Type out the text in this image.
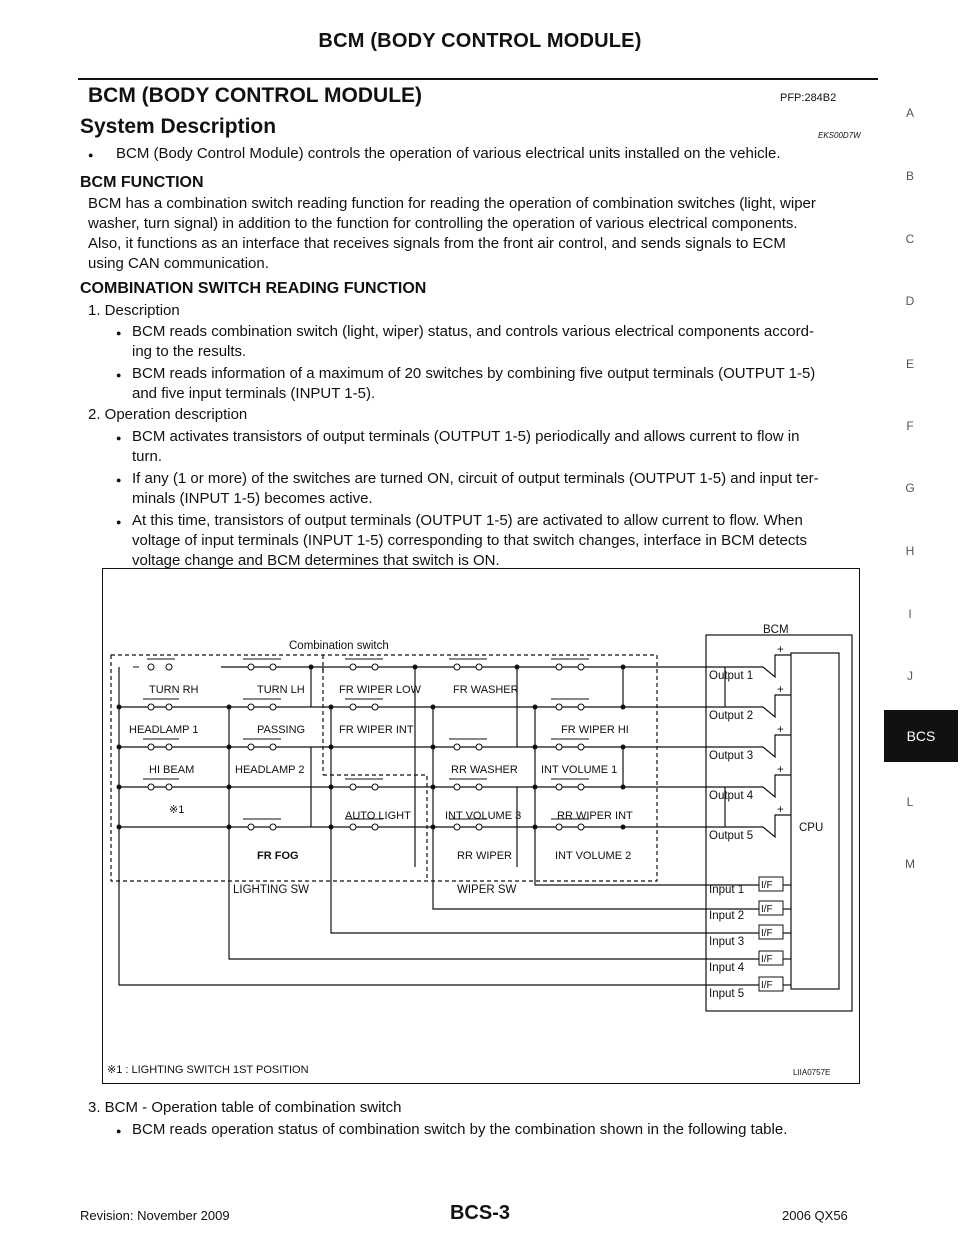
BCM (BODY CONTROL MODULE)
BCM (BODY CONTROL MODULE)	PFP:284B2
System Description	EKS00D7W
● BCM (Body Control Module) controls the operation of various electrical units installed on the vehicle.
BCM FUNCTION
BCM has a combination switch reading function for reading the operation of combination switches (light, wiper
washer, turn signal) in addition to the function for controlling the operation of various electrical components.
Also, it functions as an interface that receives signals from the front air control, and sends signals to ECM
using CAN communication.
COMBINATION SWITCH READING FUNCTION
1. Description
● BCM reads combination switch (light, wiper) status, and controls various electrical components accord-
ing to the results.
● BCM reads information of a maximum of 20 switches by combining five output terminals (OUTPUT 1-5)
and five input terminals (INPUT 1-5).
2. Operation description
● BCM activates transistors of output terminals (OUTPUT 1-5) periodically and allows current to flow in
turn.
● If any (1 or more) of the switches are turned ON, circuit of output terminals (OUTPUT 1-5) and input ter-
minals (INPUT 1-5) becomes active.
● At this time, transistors of output terminals (OUTPUT 1-5) are activated to allow current to flow. When
voltage of input terminals (INPUT 1-5) corresponding to that switch changes, interface in BCM detects
voltage change and BCM determines that switch is ON.
Combination switch
BCM
CPU
LIGHTING SW	WIPER SW
Output 1
Output 2
Output 3
Output 4
Output 5
Input 1
Input 2
Input 3
Input 4
Input 5
+
+
+
+
+
TURN RH	TURN LH	FR WIPER LOW	FR WASHER
HEADLAMP 1	PASSING	FR WIPER INT	FR WIPER HI
HI BEAM	HEADLAMP 2	RR WASHER INT VOLUME 1
※1	AUTO LIGHT	INT VOLUME 3	RR WIPER INT
FR FOG	RR WIPER	INT VOLUME 2
※1 : LIGHTING SWITCH 1ST POSITION	LIIA0757E
I/F
I/F
I/F
I/F
I/F
3. BCM - Operation table of combination switch
● BCM reads operation status of combination switch by the combination shown in the following table.
A
B
C
D
E
F
G
H
I
J
BCS
L
M
Revision: November 2009	BCS-3	2006 QX56
